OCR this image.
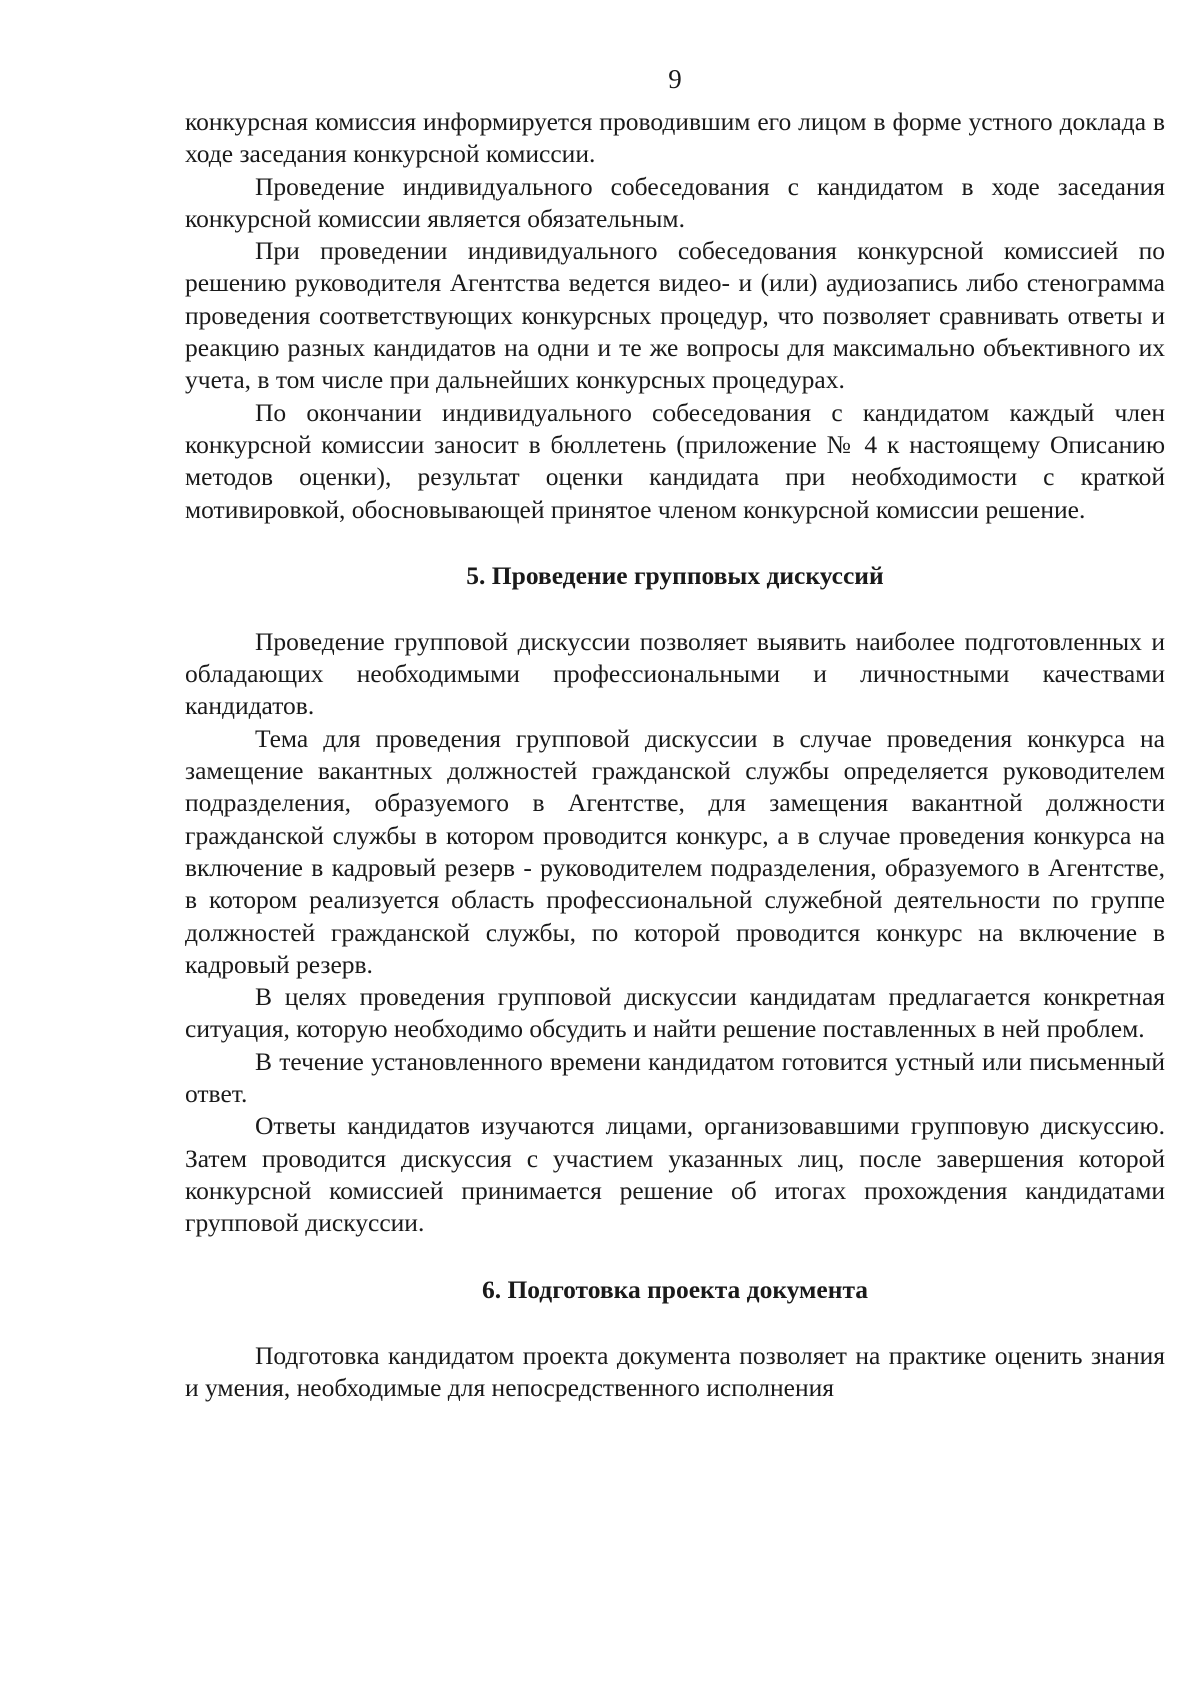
9

конкурсная комиссия информируется проводившим его лицом в форме устного доклада в ходе заседания конкурсной комиссии.

Проведение индивидуального собеседования с кандидатом в ходе заседания конкурсной комиссии является обязательным.

При проведении индивидуального собеседования конкурсной комиссией по решению руководителя Агентства ведется видео- и (или) аудиозапись либо стенограмма проведения соответствующих конкурсных процедур, что позволяет сравнивать ответы и реакцию разных кандидатов на одни и те же вопросы для максимально объективного их учета, в том числе при дальнейших конкурсных процедурах.

По окончании индивидуального собеседования с кандидатом каждый член конкурсной комиссии заносит в бюллетень (приложение № 4 к настоящему Описанию методов оценки), результат оценки кандидата при необходимости с краткой мотивировкой, обосновывающей принятое членом конкурсной комиссии решение.

5. Проведение групповых дискуссий

Проведение групповой дискуссии позволяет выявить наиболее подготовленных и обладающих необходимыми профессиональными и личностными качествами кандидатов.

Тема для проведения групповой дискуссии в случае проведения конкурса на замещение вакантных должностей гражданской службы определяется руководителем подразделения, образуемого в Агентстве, для замещения вакантной должности гражданской службы в котором проводится конкурс, а в случае проведения конкурса на включение в кадровый резерв - руководителем подразделения, образуемого в Агентстве, в котором реализуется область профессиональной служебной деятельности по группе должностей гражданской службы, по которой проводится конкурс на включение в кадровый резерв.

В целях проведения групповой дискуссии кандидатам предлагается конкретная ситуация, которую необходимо обсудить и найти решение поставленных в ней проблем.

В течение установленного времени кандидатом готовится устный или письменный ответ.

Ответы кандидатов изучаются лицами, организовавшими групповую дискуссию. Затем проводится дискуссия с участием указанных лиц, после завершения которой конкурсной комиссией принимается решение об итогах прохождения кандидатами групповой дискуссии.

6. Подготовка проекта документа

Подготовка кандидатом проекта документа позволяет на практике оценить знания и умения, необходимые для непосредственного исполнения
